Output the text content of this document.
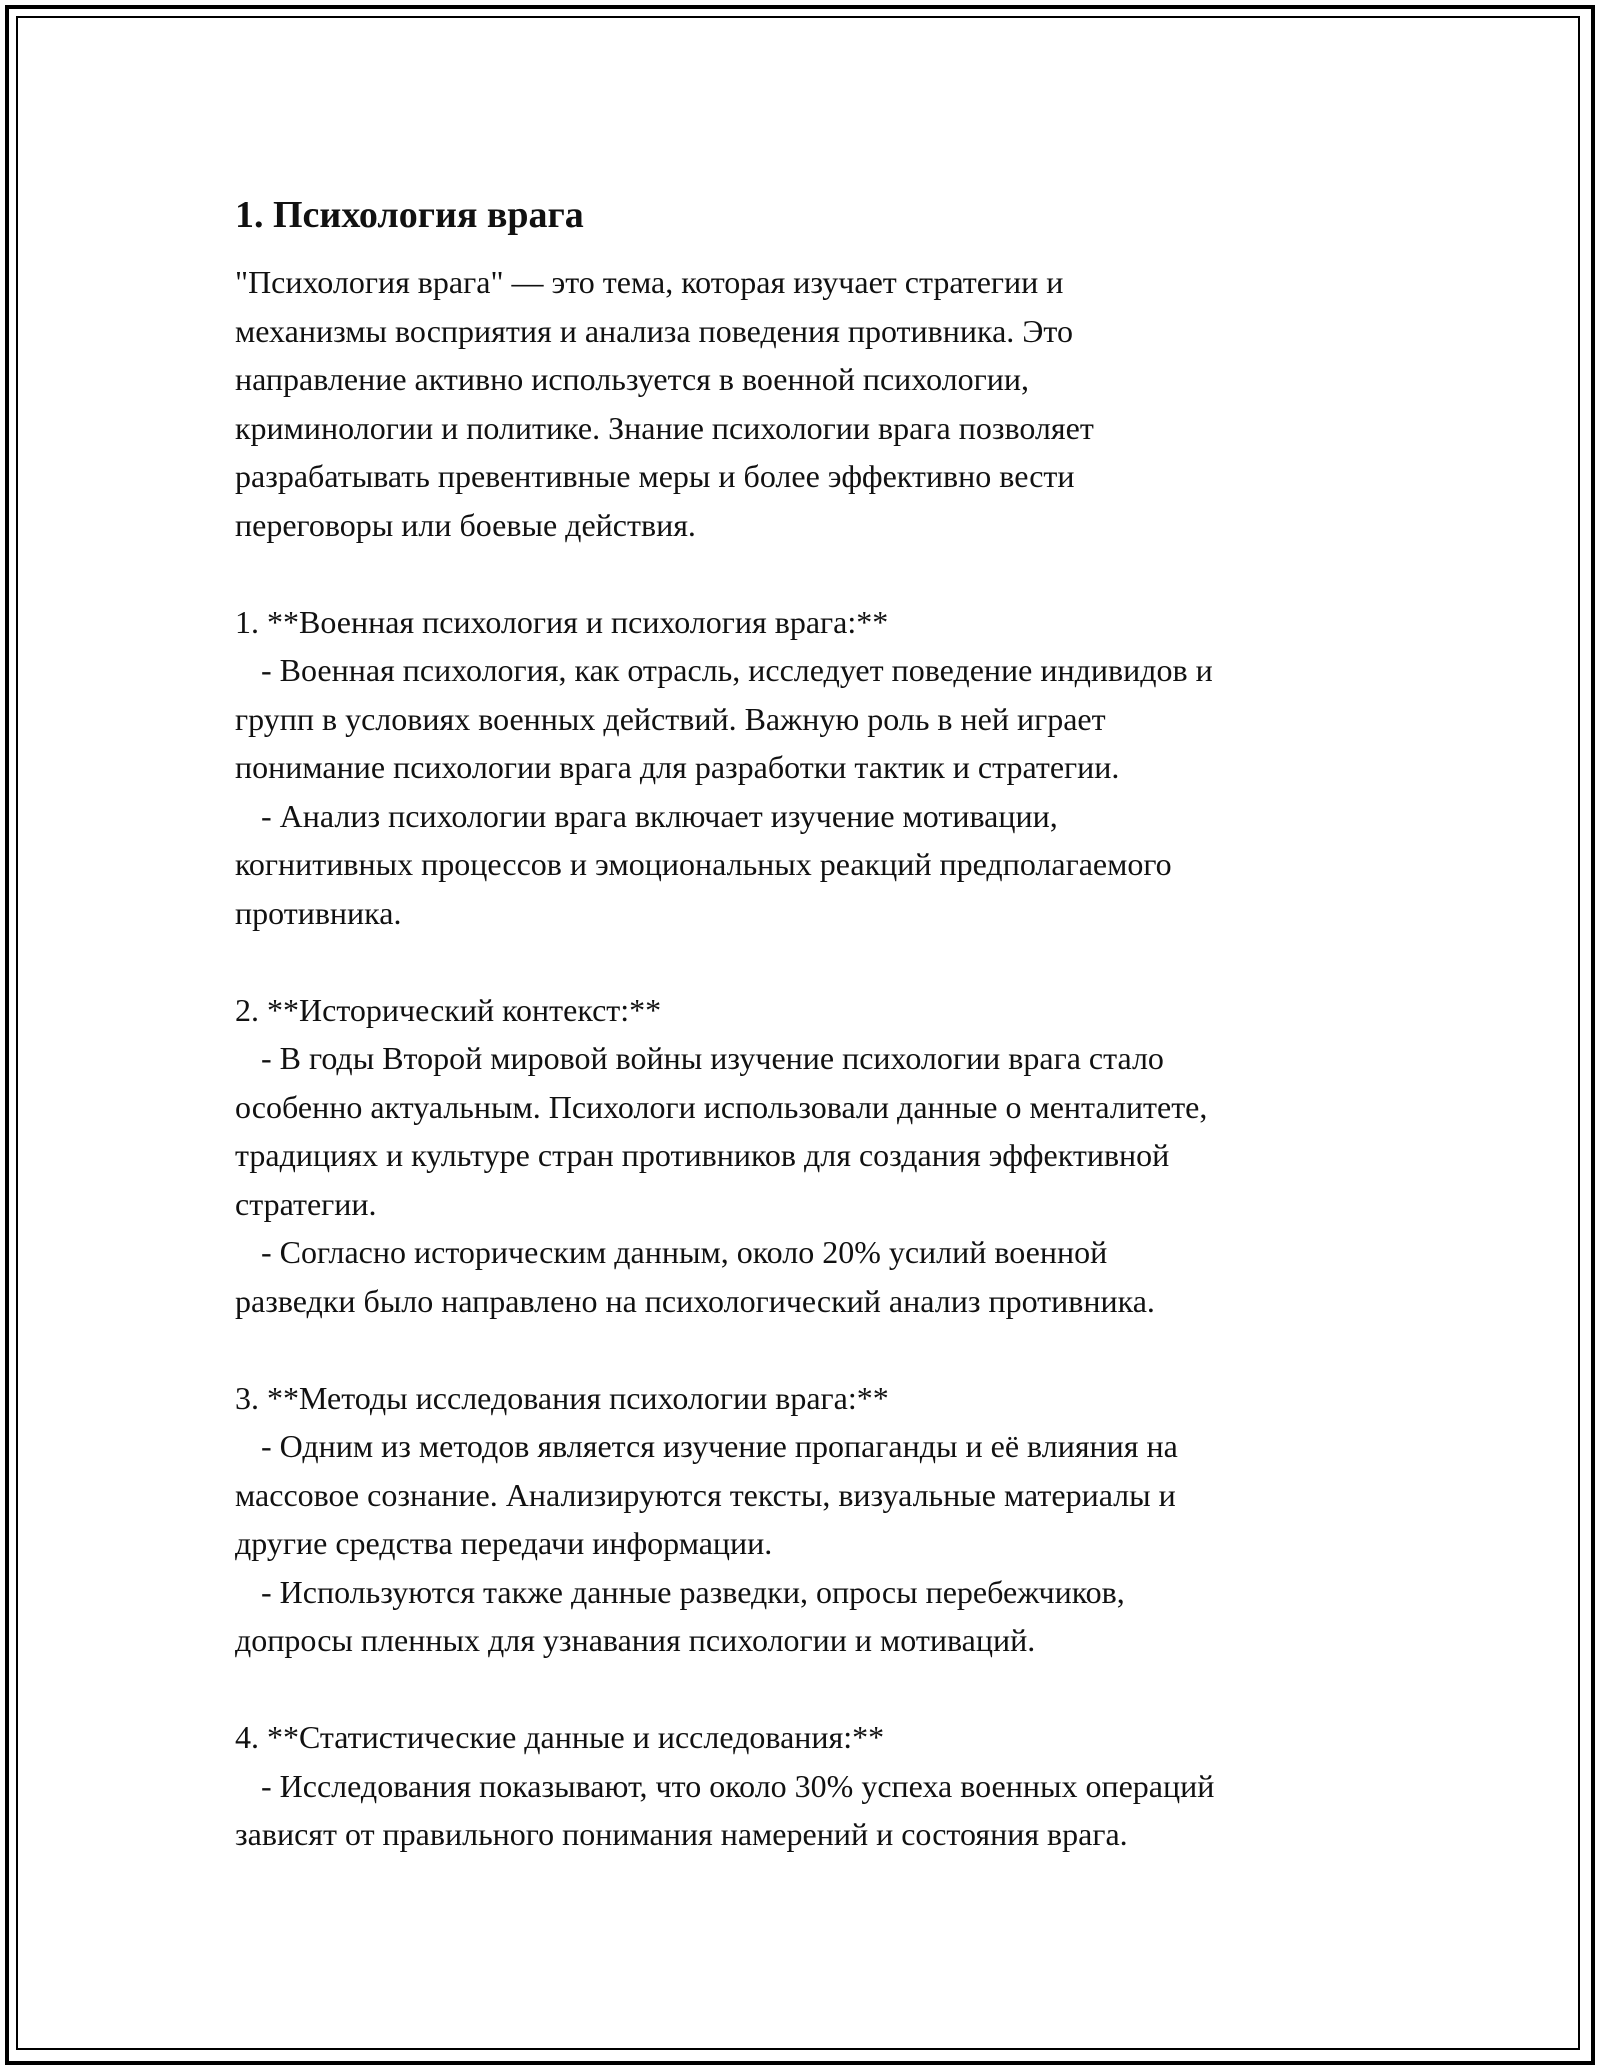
1. Психология врага

"Психология врага" — это тема, которая изучает стратегии и
механизмы восприятия и анализа поведения противника. Это
направление активно используется в военной психологии,
криминологии и политике. Знание психологии врага позволяет
разрабатывать превентивные меры и более эффективно вести
переговоры или боевые действия.

1. **Военная психология и психология врага:**

- Военная психология, как отрасль, исследует поведение индивидов и
групп в условиях военных действий. Важную роль в ней играет
понимание психологии врага для разработки тактик и стратегии.

- Анализ психологии врага включает изучение мотивации,
когнитивных процессов и эмоциональных реакций предполагаемого
противника.

2. **Исторический контекст:**

- В годы Второй мировой войны изучение психологии врага стало
особенно актуальным. Психологи использовали данные о менталитете,
традициях и культуре стран противников для создания эффективной
стратегии.

- Согласно историческим данным, около 20% усилий военной
разведки было направлено на психологический анализ противника.

3. **Методы исследования психологии врага:**

- Одним из методов является изучение пропаганды и её влияния на
массовое сознание. Анализируются тексты, визуальные материалы и
другие средства передачи информации.

- Используются также данные разведки, опросы перебежчиков,
допросы пленных для узнавания психологии и мотиваций.

4. **Статистические данные и исследования:**

- Исследования показывают, что около 30% успеха военных операций
зависят от правильного понимания намерений и состояния врага.
